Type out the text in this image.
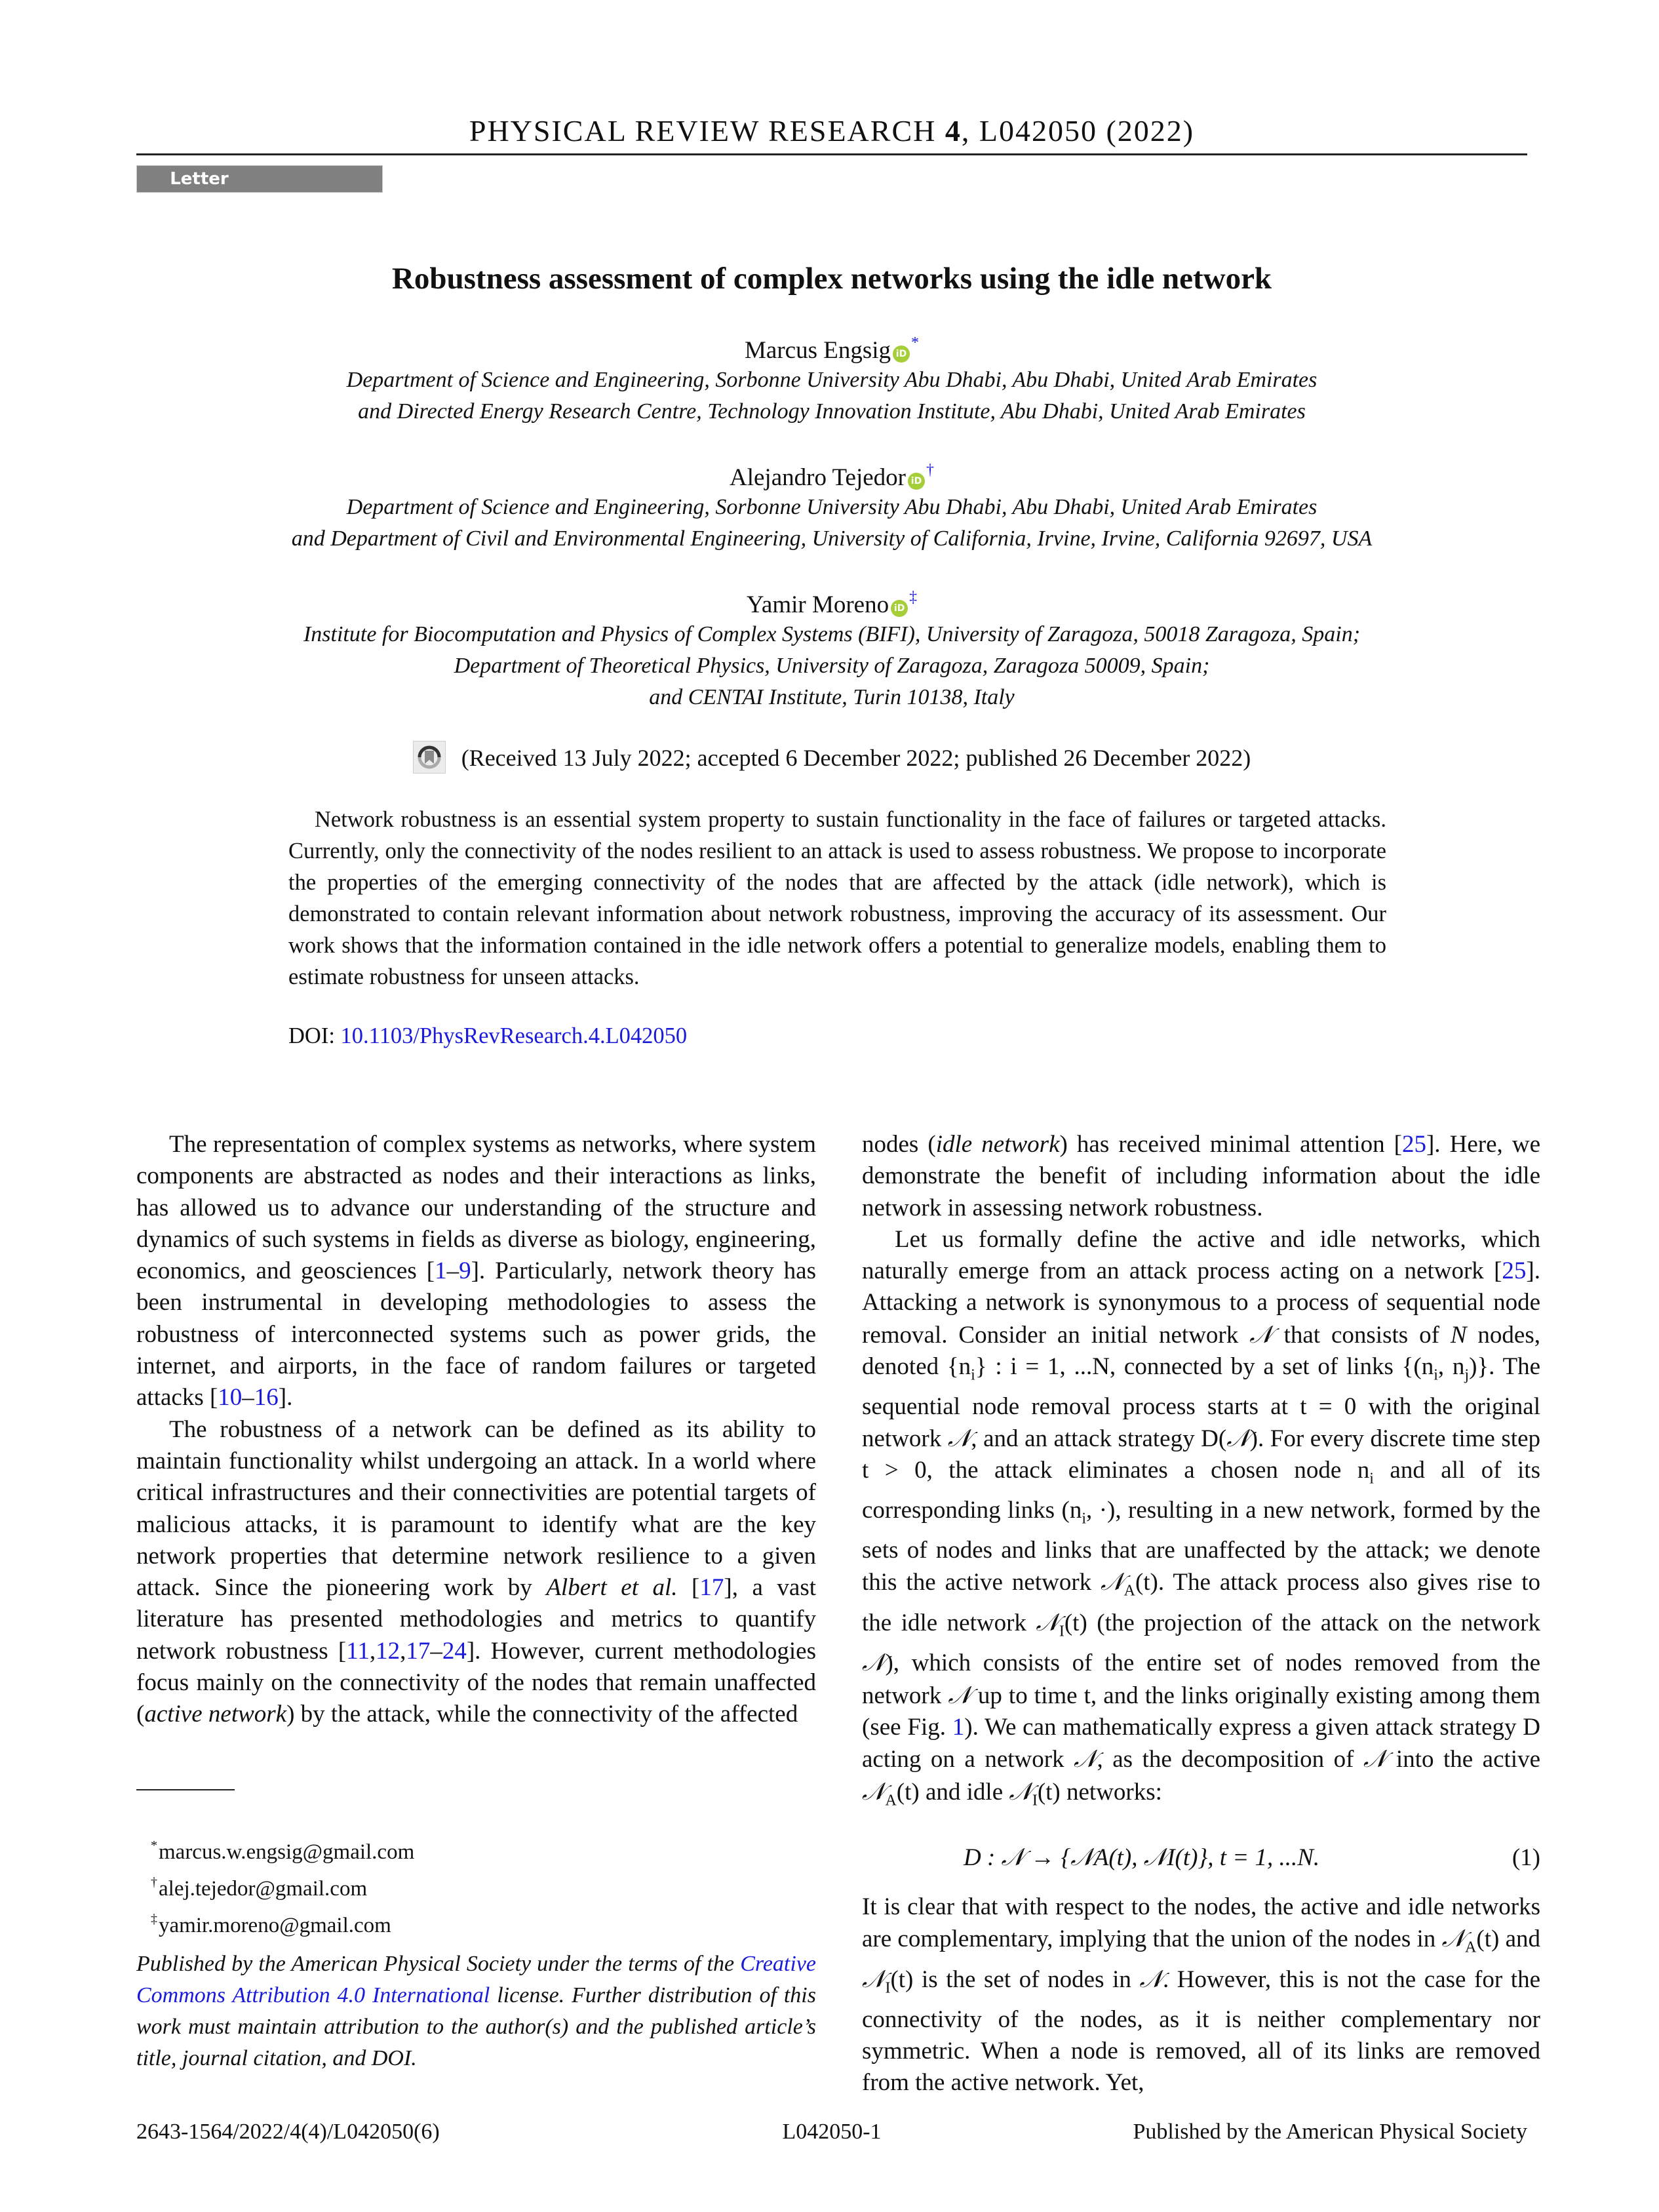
PHYSICAL REVIEW RESEARCH 4, L042050 (2022)
Letter
Robustness assessment of complex networks using the idle network
Marcus Engsig iD*
Department of Science and Engineering, Sorbonne University Abu Dhabi, Abu Dhabi, United Arab Emirates
and Directed Energy Research Centre, Technology Innovation Institute, Abu Dhabi, United Arab Emirates
Alejandro Tejedor iD†
Department of Science and Engineering, Sorbonne University Abu Dhabi, Abu Dhabi, United Arab Emirates
and Department of Civil and Environmental Engineering, University of California, Irvine, Irvine, California 92697, USA
Yamir Moreno iD‡
Institute for Biocomputation and Physics of Complex Systems (BIFI), University of Zaragoza, 50018 Zaragoza, Spain;
Department of Theoretical Physics, University of Zaragoza, Zaragoza 50009, Spain;
and CENTAI Institute, Turin 10138, Italy
(Received 13 July 2022; accepted 6 December 2022; published 26 December 2022)
Network robustness is an essential system property to sustain functionality in the face of failures or targeted attacks. Currently, only the connectivity of the nodes resilient to an attack is used to assess robustness. We propose to incorporate the properties of the emerging connectivity of the nodes that are affected by the attack (idle network), which is demonstrated to contain relevant information about network robustness, improving the accuracy of its assessment. Our work shows that the information contained in the idle network offers a potential to generalize models, enabling them to estimate robustness for unseen attacks.
DOI: 10.1103/PhysRevResearch.4.L042050

The representation of complex systems as networks, where system components are abstracted as nodes and their interactions as links, has allowed us to advance our understanding of the structure and dynamics of such systems in fields as diverse as biology, engineering, economics, and geosciences [1–9]. Particularly, network theory has been instrumental in developing methodologies to assess the robustness of interconnected systems such as power grids, the internet, and airports, in the face of random failures or targeted attacks [10–16].

The robustness of a network can be defined as its ability to maintain functionality whilst undergoing an attack. In a world where critical infrastructures and their connectivities are potential targets of malicious attacks, it is paramount to identify what are the key network properties that determine network resilience to a given attack. Since the pioneering work by Albert et al. [17], a vast literature has presented methodologies and metrics to quantify network robustness [11,12,17–24]. However, current methodologies focus mainly on the connectivity of the nodes that remain unaffected (active network) by the attack, while the connectivity of the affected

*marcus.w.engsig@gmail.com
†alej.tejedor@gmail.com
‡yamir.moreno@gmail.com
Published by the American Physical Society under the terms of the Creative Commons Attribution 4.0 International license. Further distribution of this work must maintain attribution to the author(s) and the published article’s title, journal citation, and DOI.

nodes (idle network) has received minimal attention [25]. Here, we demonstrate the benefit of including information about the idle network in assessing network robustness.

Let us formally define the active and idle networks, which naturally emerge from an attack process acting on a network [25]. Attacking a network is synonymous to a process of sequential node removal. Consider an initial network 𝒩 that consists of N nodes, denoted $\{n_i\}$ : i = 1, ...N, connected by a set of links {($n_i$, $n_j$)}. The sequential node removal process starts at t = 0 with the original network 𝒩, and an attack strategy D(𝒩). For every discrete time step t > 0, the attack eliminates a chosen node $n_i$ and all of its corresponding links ($n_i$, ·), resulting in a new network, formed by the sets of nodes and links that are unaffected by the attack; we denote this the active network 𝒩$_A$(t). The attack process also gives rise to the idle network 𝒩$_I$(t) (the projection of the attack on the network 𝒩), which consists of the entire set of nodes removed from the network 𝒩 up to time t, and the links originally existing among them (see Fig. 1). We can mathematically express a given attack strategy D acting on a network 𝒩, as the decomposition of 𝒩 into the active 𝒩$_A$(t) and idle 𝒩$_I$(t) networks:

D : 𝒩 → {𝒩A(t), 𝒩I(t)}, t = 1, ...N.	(1)

It is clear that with respect to the nodes, the active and idle networks are complementary, implying that the union of the nodes in 𝒩$_A$(t) and 𝒩$_I$(t) is the set of nodes in 𝒩. However, this is not the case for the connectivity of the nodes, as it is neither complementary nor symmetric. When a node is removed, all of its links are removed from the active network. Yet,

2643-1564/2022/4(4)/L042050(6)	L042050-1	Published by the American Physical Society
